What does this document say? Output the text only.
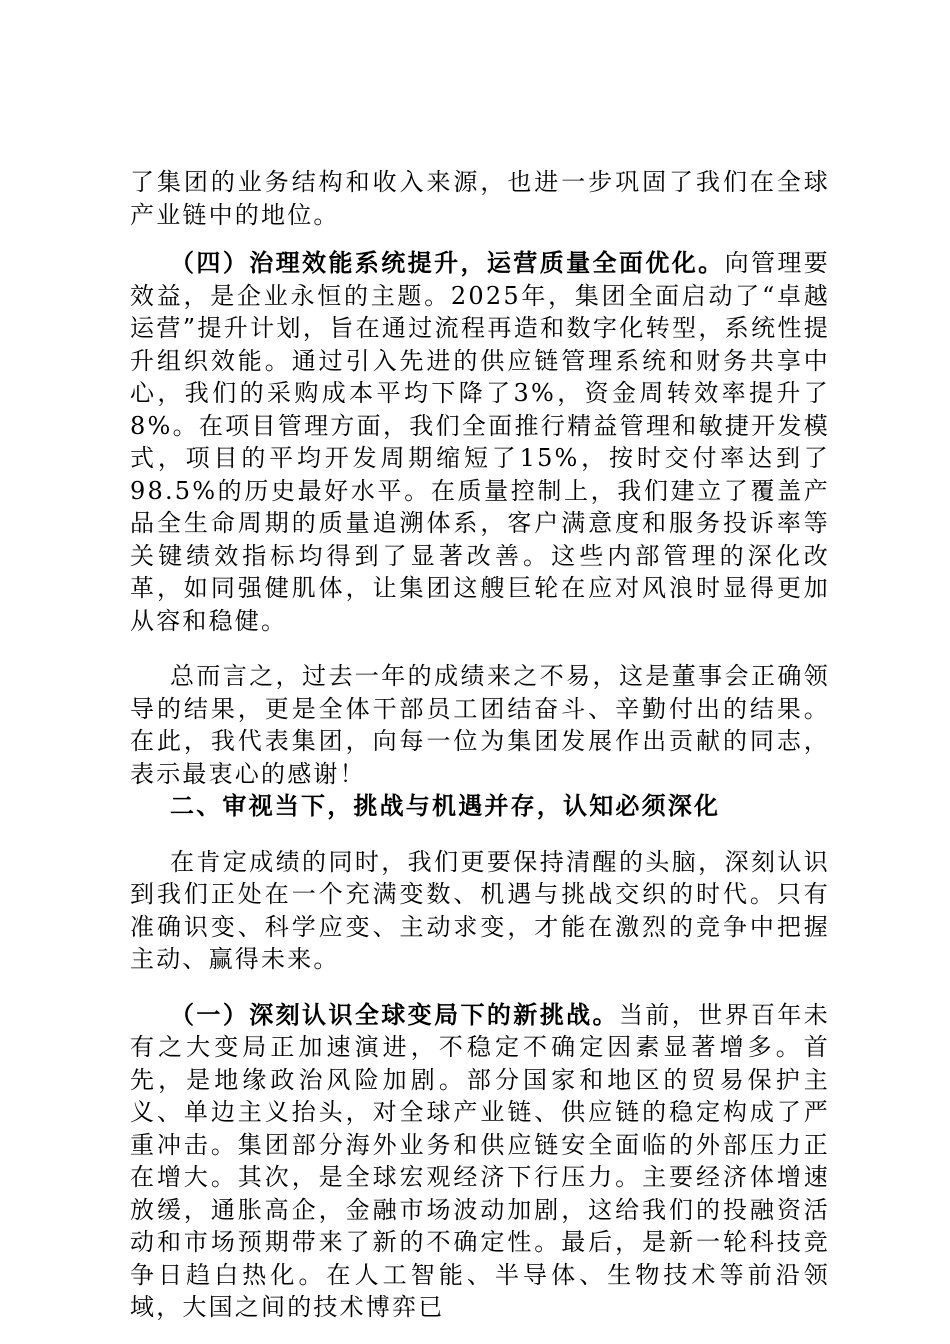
了集团的业务结构和收入来源，也进一步巩固了我们在全球产业链中的地位。

（四）治理效能系统提升，运营质量全面优化。向管理要效益，是企业永恒的主题。2025年，集团全面启动了“卓越运营”提升计划，旨在通过流程再造和数字化转型，系统性提升组织效能。通过引入先进的供应链管理系统和财务共享中心，我们的采购成本平均下降了3%，资金周转效率提升了8%。在项目管理方面，我们全面推行精益管理和敏捷开发模式，项目的平均开发周期缩短了15%，按时交付率达到了98.5%的历史最好水平。在质量控制上，我们建立了覆盖产品全生命周期的质量追溯体系，客户满意度和服务投诉率等关键绩效指标均得到了显著改善。这些内部管理的深化改革，如同强健肌体，让集团这艘巨轮在应对风浪时显得更加从容和稳健。

总而言之，过去一年的成绩来之不易，这是董事会正确领导的结果，更是全体干部员工团结奋斗、辛勤付出的结果。在此，我代表集团，向每一位为集团发展作出贡献的同志，表示最衷心的感谢！

二、审视当下，挑战与机遇并存，认知必须深化

在肯定成绩的同时，我们更要保持清醒的头脑，深刻认识到我们正处在一个充满变数、机遇与挑战交织的时代。只有准确识变、科学应变、主动求变，才能在激烈的竞争中把握主动、赢得未来。

（一）深刻认识全球变局下的新挑战。当前，世界百年未有之大变局正加速演进，不稳定不确定因素显著增多。首先，是地缘政治风险加剧。部分国家和地区的贸易保护主义、单边主义抬头，对全球产业链、供应链的稳定构成了严重冲击。集团部分海外业务和供应链安全面临的外部压力正在增大。其次，是全球宏观经济下行压力。主要经济体增速放缓，通胀高企，金融市场波动加剧，这给我们的投融资活动和市场预期带来了新的不确定性。最后，是新一轮科技竞争日趋白热化。在人工智能、半导体、生物技术等前沿领域，大国之间的技术博弈已
